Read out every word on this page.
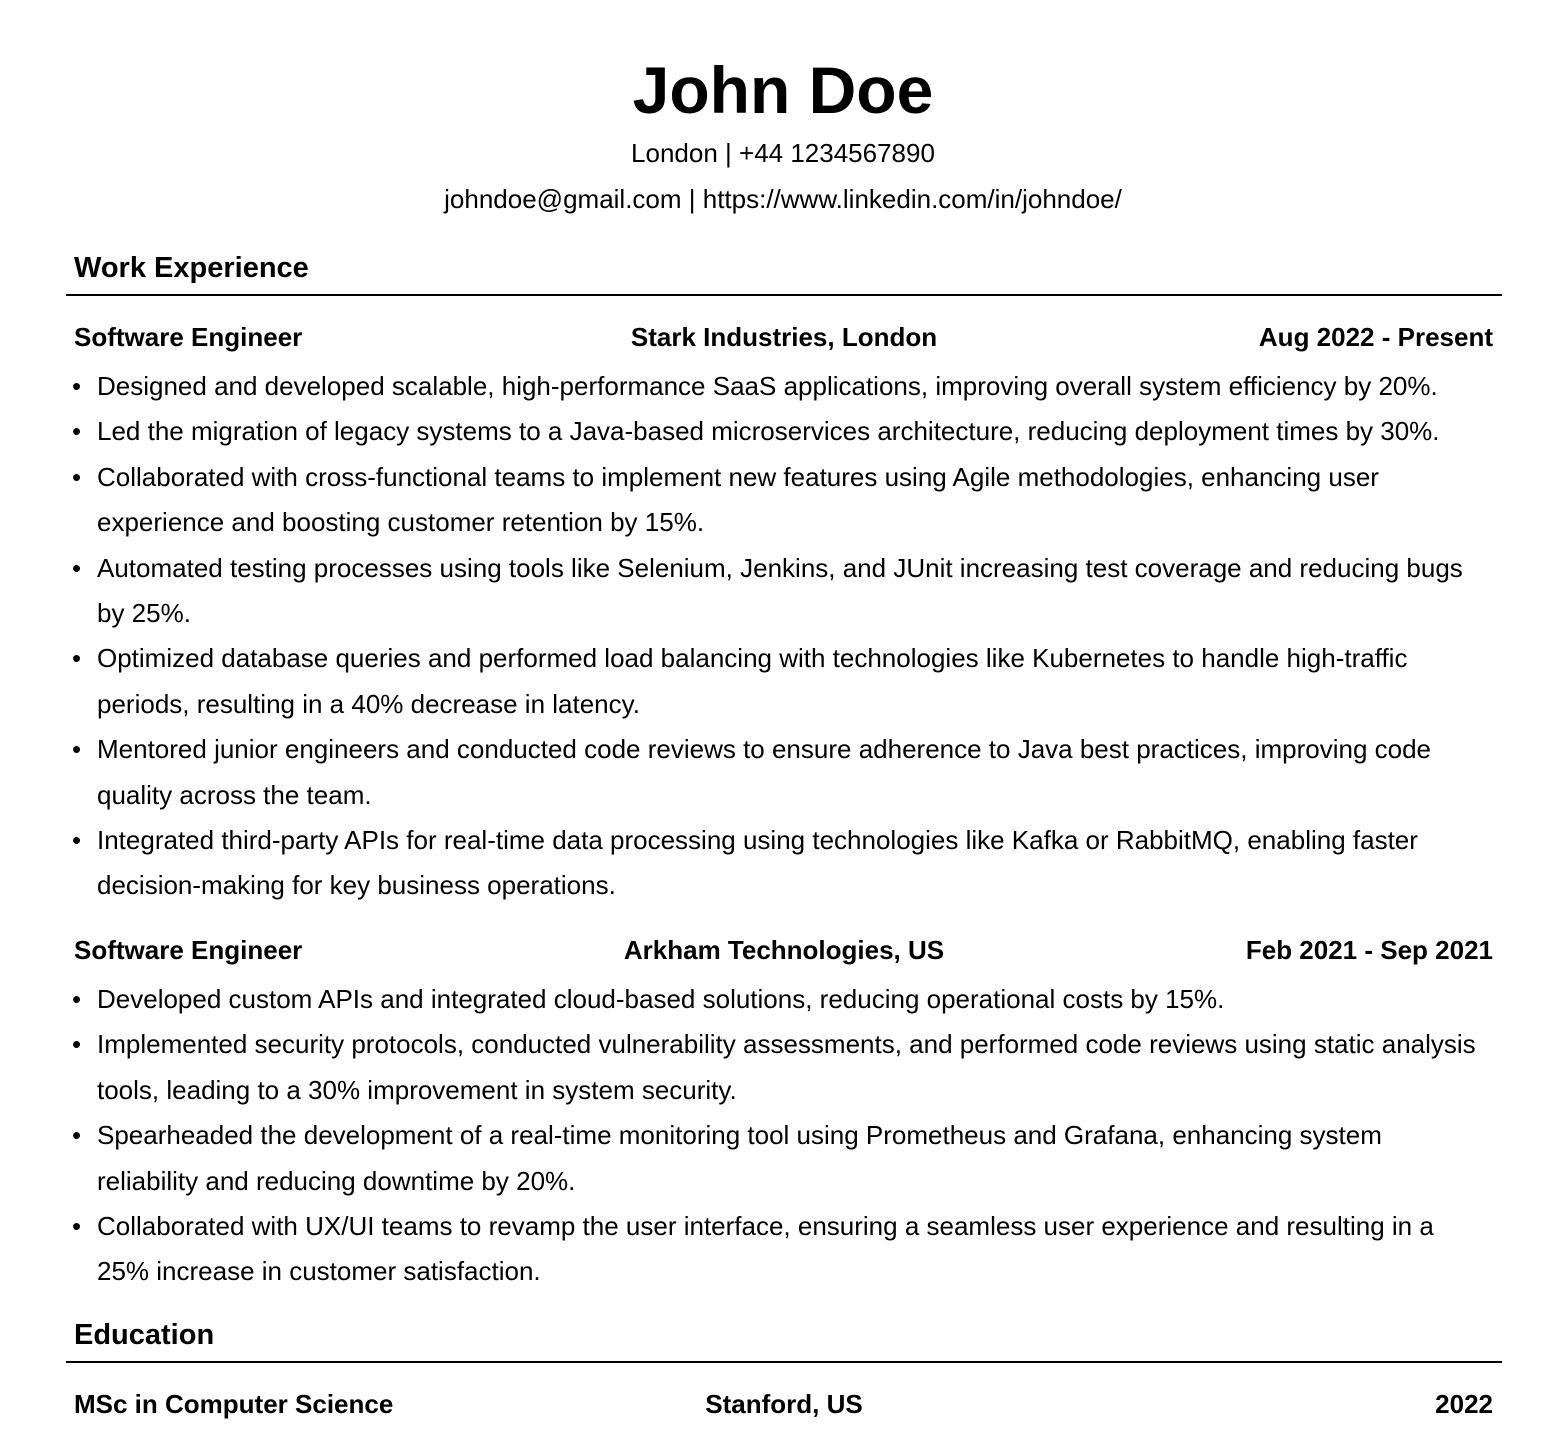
John Doe
London | +44 1234567890
johndoe@gmail.com | https://www.linkedin.com/in/johndoe/
Work Experience
Software Engineer	Stark Industries, London	Aug 2022 - Present
• Designed and developed scalable, high-performance SaaS applications, improving overall system efficiency by 20%.
• Led the migration of legacy systems to a Java-based microservices architecture, reducing deployment times by 30%.
• Collaborated with cross-functional teams to implement new features using Agile methodologies, enhancing user experience and boosting customer retention by 15%.
• Automated testing processes using tools like Selenium, Jenkins, and JUnit increasing test coverage and reducing bugs by 25%.
• Optimized database queries and performed load balancing with technologies like Kubernetes to handle high-traffic periods, resulting in a 40% decrease in latency.
• Mentored junior engineers and conducted code reviews to ensure adherence to Java best practices, improving code quality across the team.
• Integrated third-party APIs for real-time data processing using technologies like Kafka or RabbitMQ, enabling faster decision-making for key business operations.
Software Engineer	Arkham Technologies, US	Feb 2021 - Sep 2021
• Developed custom APIs and integrated cloud-based solutions, reducing operational costs by 15%.
• Implemented security protocols, conducted vulnerability assessments, and performed code reviews using static analysis tools, leading to a 30% improvement in system security.
• Spearheaded the development of a real-time monitoring tool using Prometheus and Grafana, enhancing system reliability and reducing downtime by 20%.
• Collaborated with UX/UI teams to revamp the user interface, ensuring a seamless user experience and resulting in a 25% increase in customer satisfaction.
Education
MSc in Computer Science	Stanford, US	2022
